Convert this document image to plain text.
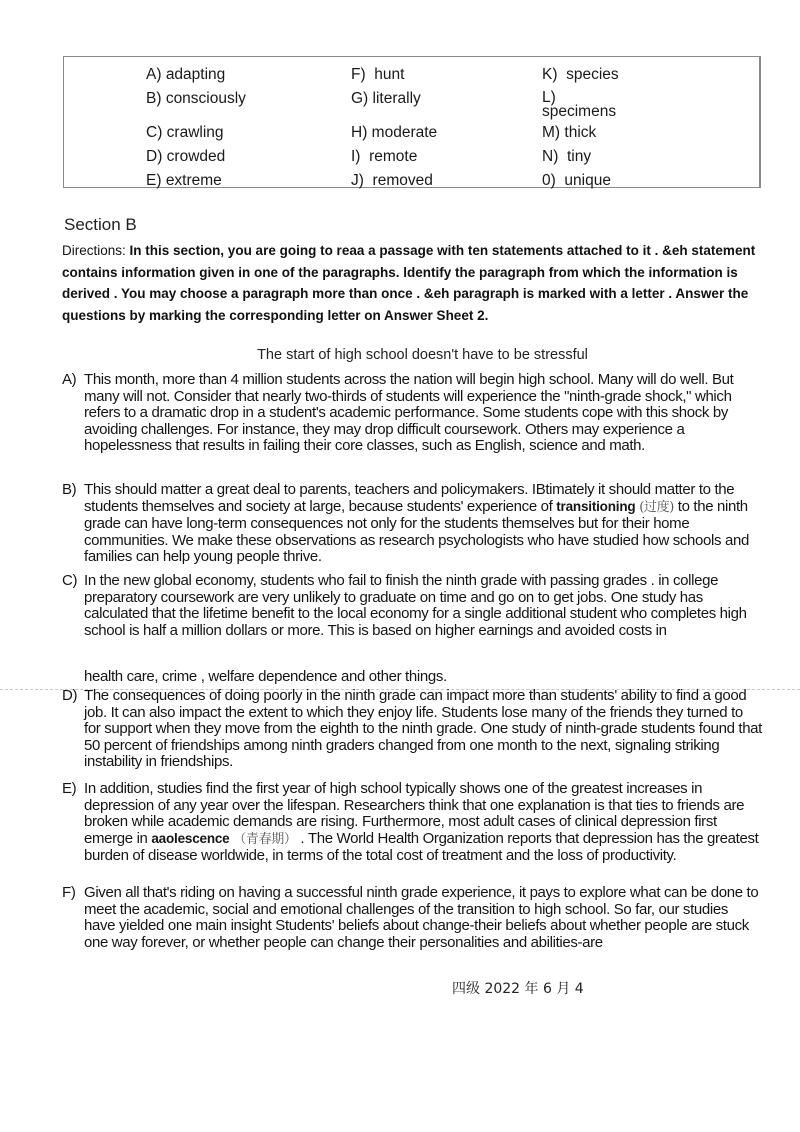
A) adapting
B) consciously
C) crawling
D) crowded
E) extreme
F) hunt
G) literally
H) moderate
I) remote
J) removed
K) species
L)
specimens
M) thick
N) tiny
0) unique
Section B
Directions: In this section, you are going to reaa a passage with ten statements attached to it . &eh statement contains information given in one of the paragraphs. ldentify the paragraph from which the information is derived . You may choose a paragraph more than once . &eh paragraph is marked with a letter . Answer the questions by marking the corresponding letter on Answer Sheet 2.
The start of high school doesn't have to be stressful
A) This month, more than 4 million students across the nation will begin high school. Many will do well. But many will not. Consider that nearly two-thirds of students will experience the "ninth-grade shock," which refers to a dramatic drop in a student's academic performance. Some students cope with this shock by avoiding challenges. For instance, they may drop difficult coursework. Others may experience a hopelessness that results in failing their core classes, such as English, science and math.
B) This should matter a great deal to parents, teachers and policymakers. IBtimately it should matter to the students themselves and society at large, because students' experience of transitioning (过度) to the ninth grade can have long-term consequences not only for the students themselves but for their home communities. We make these observations as research psychologists who have studied how schools and families can help young people thrive.
C) In the new global economy, students who fail to finish the ninth grade with passing grades . in college preparatory coursework are very unlikely to graduate on time and go on to get jobs. One study has calculated that the lifetime benefit to the local economy for a single additional student who completes high school is half a million dollars or more. This is based on higher earnings and avoided costs in
health care, crime , welfare dependence and other things.
D) The consequences of doing poorly in the ninth grade can impact more than students' ability to find a good job. It can also impact the extent to which they enjoy life. Students lose many of the friends they turned to for support when they move from the eighth to the ninth grade. One study of ninth-grade students found that 50 percent of friendships among ninth graders changed from one month to the next, signaling striking instability in friendships.
E) In addition, studies find the first year of high school typically shows one of the greatest increases in depression of any year over the lifespan. Researchers think that one explanation is that ties to friends are broken while academic demands are rising. Furthermore, most adult cases of clinical depression first emerge in aaolescence （青春期） . The World Health Organization reports that depression has the greatest burden of disease worldwide, in terms of the total cost of treatment and the loss of productivity.
F) Given all that's riding on having a successful ninth grade experience, it pays to explore what can be done to meet the academic, social and emotional challenges of the transition to high school. So far, our studies have yielded one main insight Students' beliefs about change-their beliefs about whether people are stuck one way forever, or whether people can change their personalities and abilities-are
四级 2022 年 6 月 4
